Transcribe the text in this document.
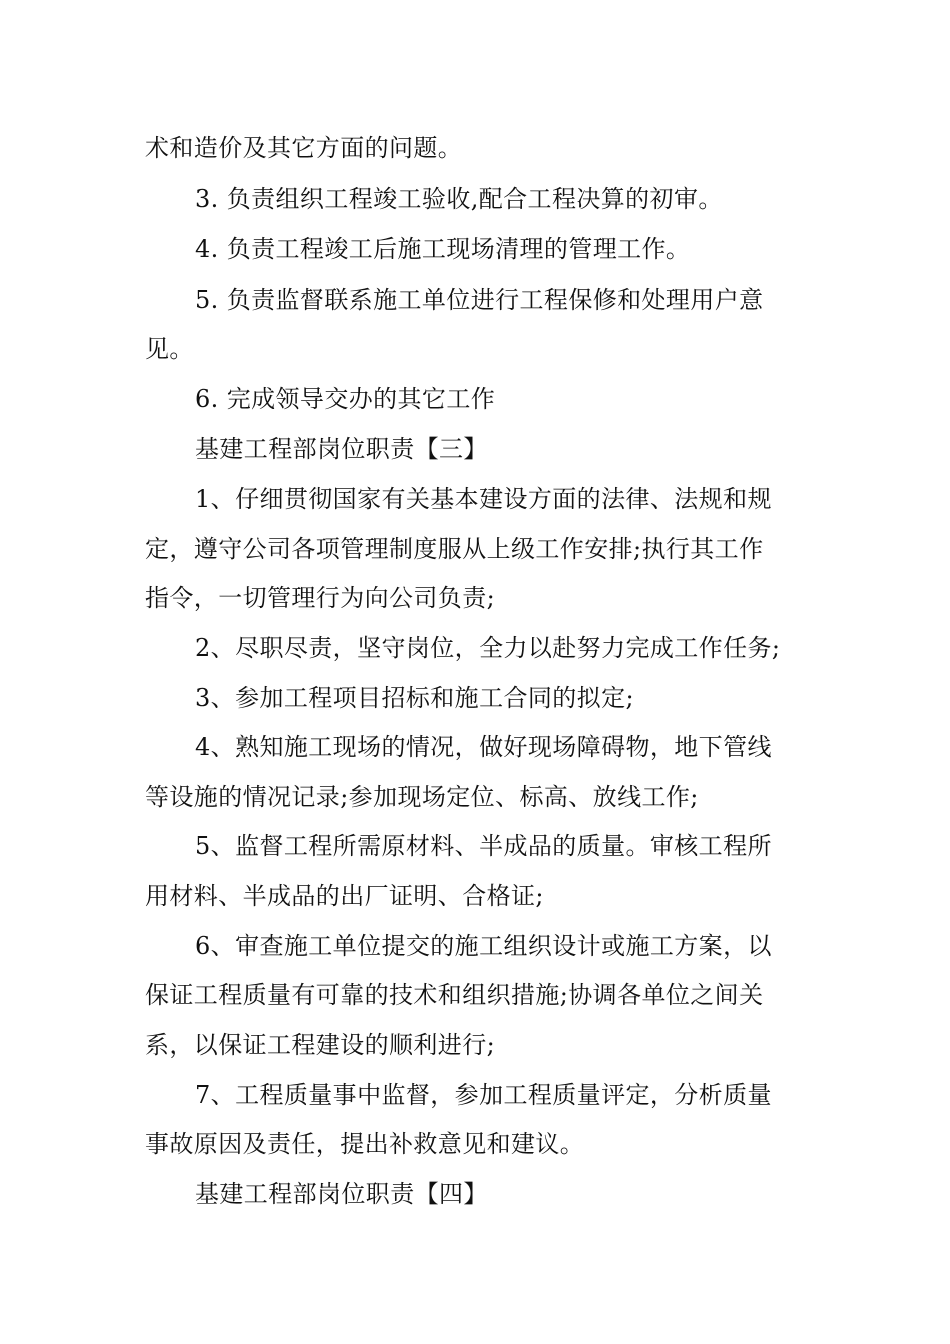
术和造价及其它方面的问题。

3. 负责组织工程竣工验收,配合工程决算的初审。

4. 负责工程竣工后施工现场清理的管理工作。

5. 负责监督联系施工单位进行工程保修和处理用户意

见。

6. 完成领导交办的其它工作

基建工程部岗位职责【三】

1、仔细贯彻国家有关基本建设方面的法律、法规和规

定，遵守公司各项管理制度服从上级工作安排;执行其工作

指令，一切管理行为向公司负责;

2、尽职尽责，坚守岗位，全力以赴努力完成工作任务;

3、参加工程项目招标和施工合同的拟定;

4、熟知施工现场的情况，做好现场障碍物，地下管线

等设施的情况记录;参加现场定位、标高、放线工作;

5、监督工程所需原材料、半成品的质量。审核工程所

用材料、半成品的出厂证明、合格证;

6、审查施工单位提交的施工组织设计或施工方案，以

保证工程质量有可靠的技术和组织措施;协调各单位之间关

系，以保证工程建设的顺利进行;

7、工程质量事中监督，参加工程质量评定，分析质量

事故原因及责任，提出补救意见和建议。

基建工程部岗位职责【四】
